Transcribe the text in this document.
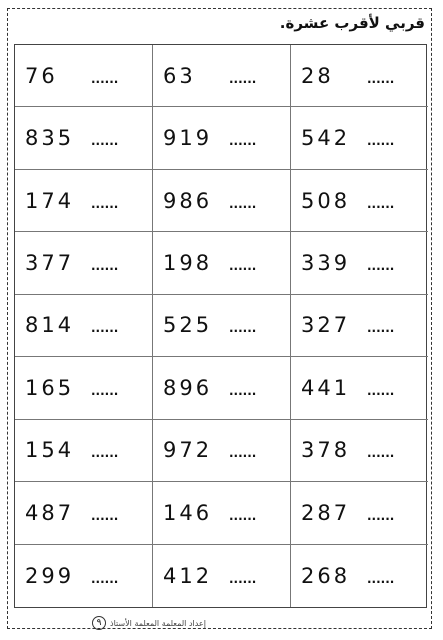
قربي لأقرب عشرة.
76	...... 63	...... 28	......
835 ...... 919 ...... 542 ......
174 ...... 986 ...... 508 ......
377 ...... 198 ...... 339 ......
814 ...... 525 ...... 327 ......
165 ...... 896 ...... 441 ......
154 ...... 972 ...... 378 ......
487 ...... 146 ...... 287 ......
299 ...... 412 ...... 268 ......
٩	إعداد المعلمة المعلمة الأستاذ
